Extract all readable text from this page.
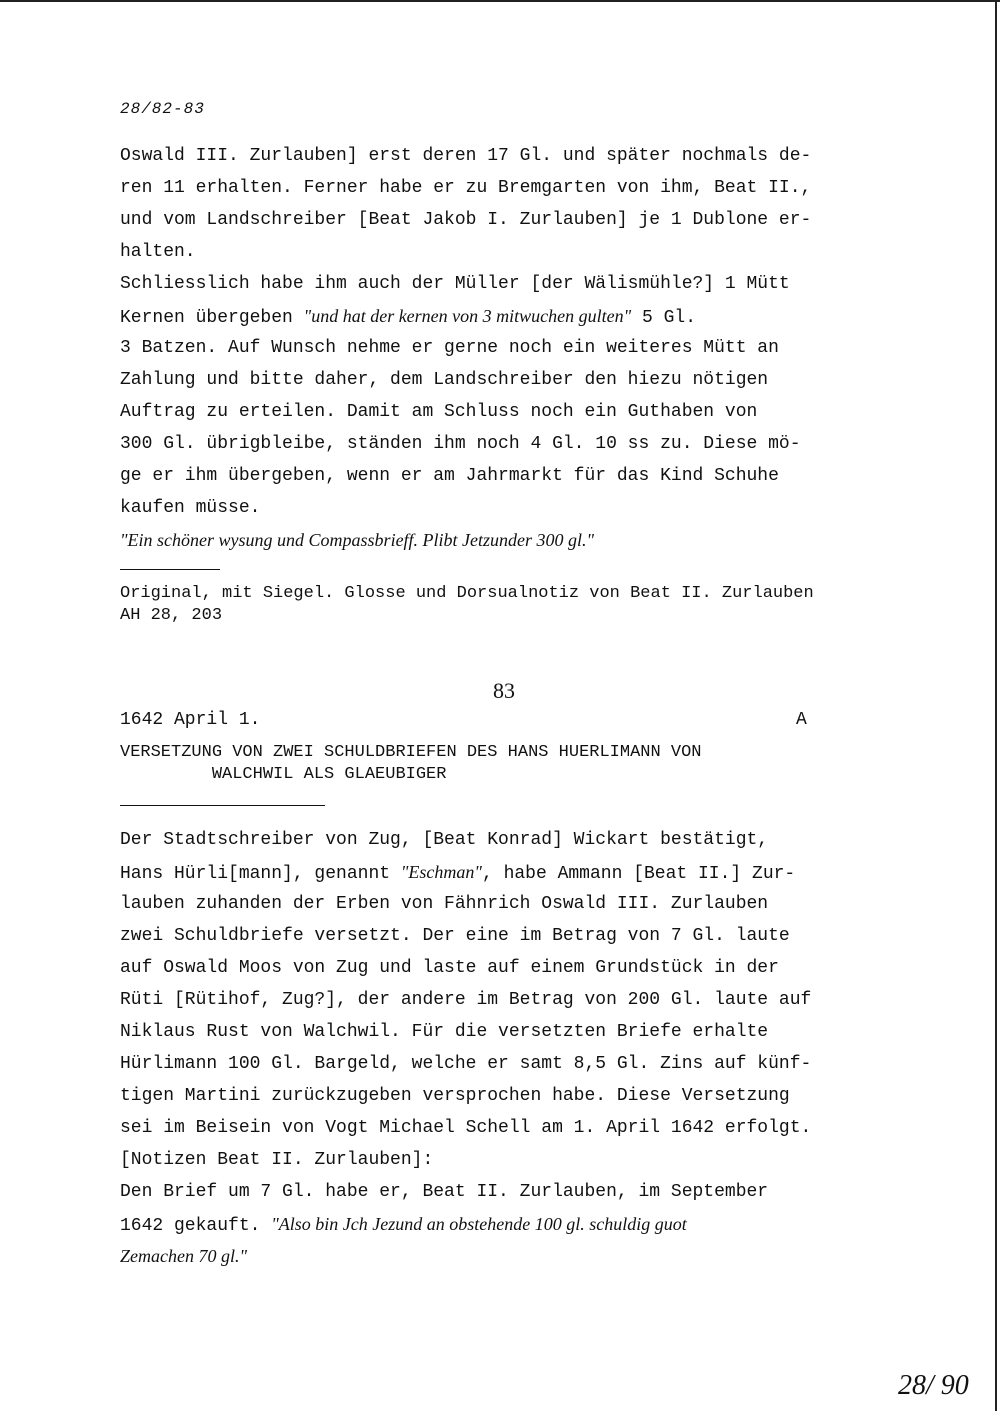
28/82-83
Oswald III. Zurlauben] erst deren 17 Gl. und später nochmals de-
ren 11 erhalten. Ferner habe er zu Bremgarten von ihm, Beat II.,
und vom Landschreiber [Beat Jakob I. Zurlauben] je 1 Dublone er-
halten.
Schliesslich habe ihm auch der Müller [der Wälismühle?] 1 Mütt
Kernen übergeben "und hat der kernen von 3 mitwuchen gulten" 5 Gl.
3 Batzen. Auf Wunsch nehme er gerne noch ein weiteres Mütt an
Zahlung und bitte daher, dem Landschreiber den hiezu nötigen
Auftrag zu erteilen. Damit am Schluss noch ein Guthaben von
300 Gl. übrigbleibe, ständen ihm noch 4 Gl. 10 ss zu. Diese mö-
ge er ihm übergeben, wenn er am Jahrmarkt für das Kind Schuhe
kaufen müsse.
"Ein schöner wysung und Compassbrieff. Plibt Jetzunder 300 gl."
Original, mit Siegel. Glosse und Dorsualnotiz von Beat II. Zurlauben
AH 28, 203
83
1642 April 1.	A
VERSETZUNG VON ZWEI SCHULDBRIEFEN DES HANS HUERLIMANN VON
WALCHWIL ALS GLAEUBIGER
Der Stadtschreiber von Zug, [Beat Konrad] Wickart bestätigt,
Hans Hürli[mann], genannt "Eschman", habe Ammann [Beat II.] Zur-
lauben zuhanden der Erben von Fähnrich Oswald III. Zurlauben
zwei Schuldbriefe versetzt. Der eine im Betrag von 7 Gl. laute
auf Oswald Moos von Zug und laste auf einem Grundstück in der
Rüti [Rütihof, Zug?], der andere im Betrag von 200 Gl. laute auf
Niklaus Rust von Walchwil. Für die versetzten Briefe erhalte
Hürlimann 100 Gl. Bargeld, welche er samt 8,5 Gl. Zins auf künf-
tigen Martini zurückzugeben versprochen habe. Diese Versetzung
sei im Beisein von Vogt Michael Schell am 1. April 1642 erfolgt.
[Notizen Beat II. Zurlauben]:
Den Brief um 7 Gl. habe er, Beat II. Zurlauben, im September
1642 gekauft. "Also bin Jch Jezund an obstehende 100 gl. schuldig guot
Zemachen 70 gl."
28/ 90
